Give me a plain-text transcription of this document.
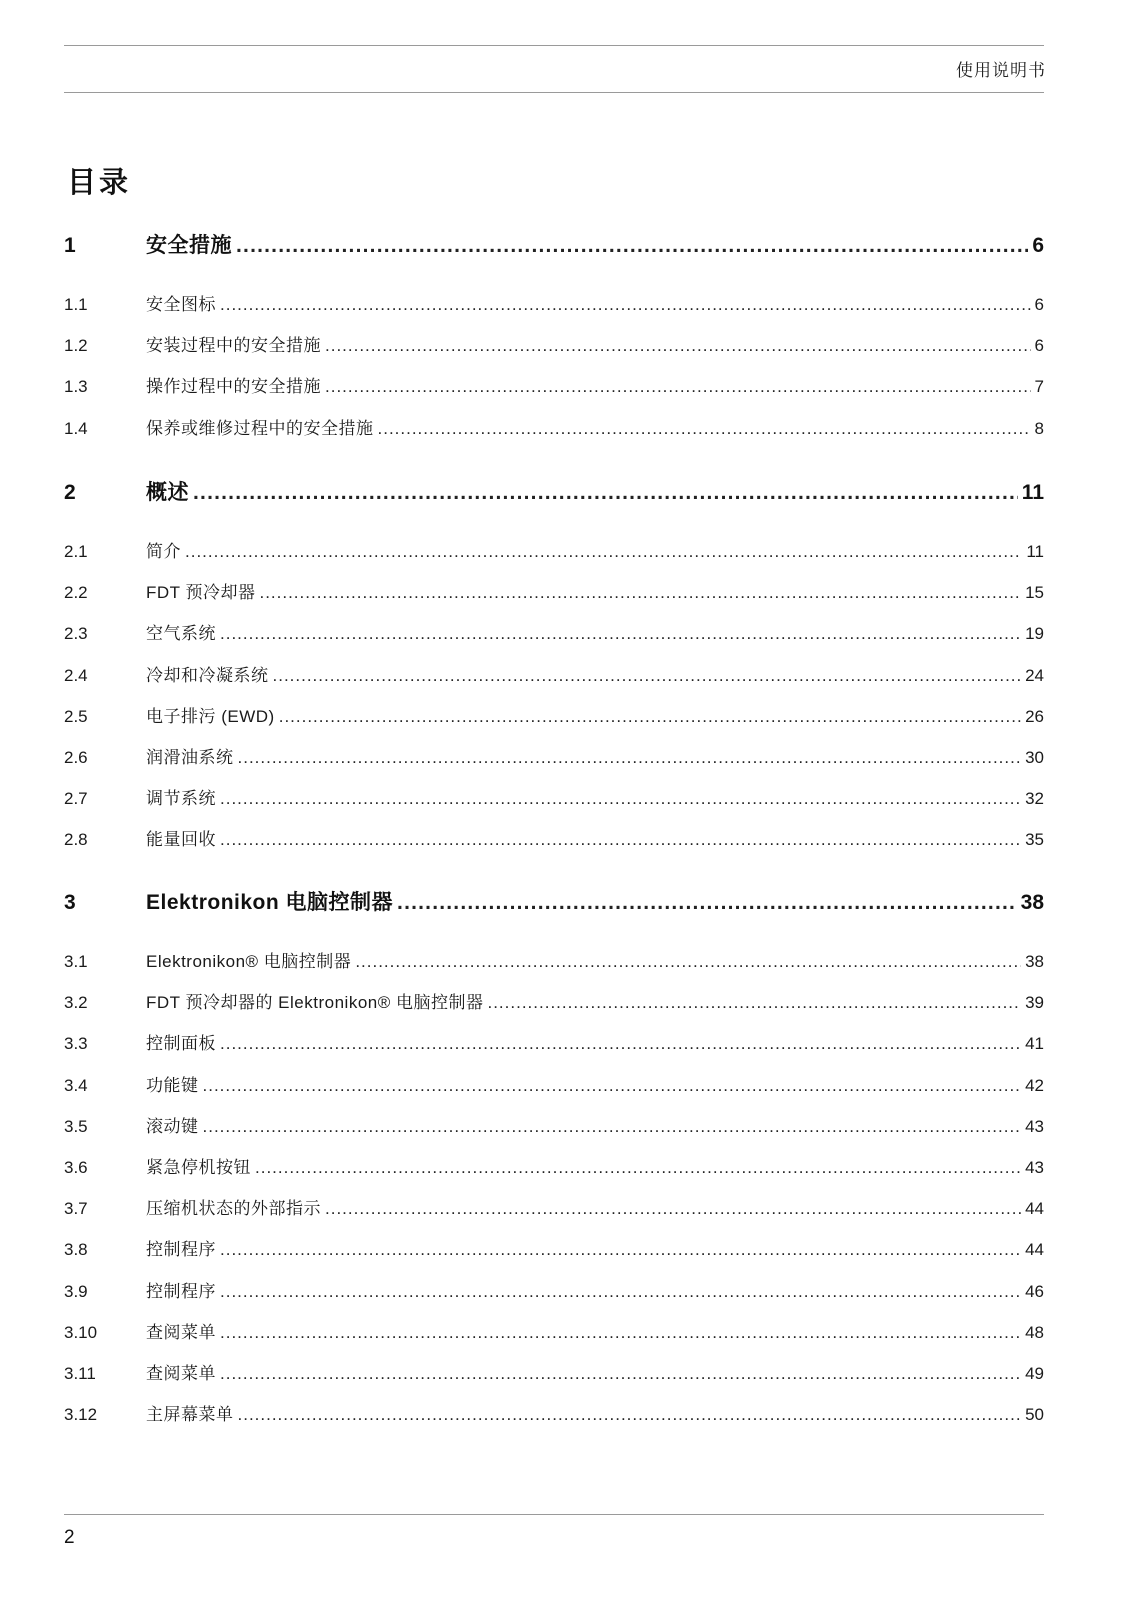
使用说明书
目录
1	安全措施 .....	6
1.1	安全图标 .....	6
1.2	安装过程中的安全措施 .....	6
1.3	操作过程中的安全措施 .....	7
1.4	保养或维修过程中的安全措施 .....	8
2	概述 .....	11
2.1	简介 .....	11
2.2	FDT 预冷却器 .....	15
2.3	空气系统 .....	19
2.4	冷却和冷凝系统 .....	24
2.5	电子排污 (EWD) .....	26
2.6	润滑油系统 .....	30
2.7	调节系统 .....	32
2.8	能量回收 .....	35
3	Elektronikon 电脑控制器 .....	38
3.1	Elektronikon® 电脑控制器 .....	38
3.2	FDT 预冷却器的 Elektronikon® 电脑控制器 .....	39
3.3	控制面板 .....	41
3.4	功能键 .....	42
3.5	滚动键 .....	43
3.6	紧急停机按钮 .....	43
3.7	压缩机状态的外部指示 .....	44
3.8	控制程序 .....	44
3.9	控制程序 .....	46
3.10	查阅菜单 .....	48
3.11	查阅菜单 .....	49
3.12	主屏幕菜单 .....	50
2
